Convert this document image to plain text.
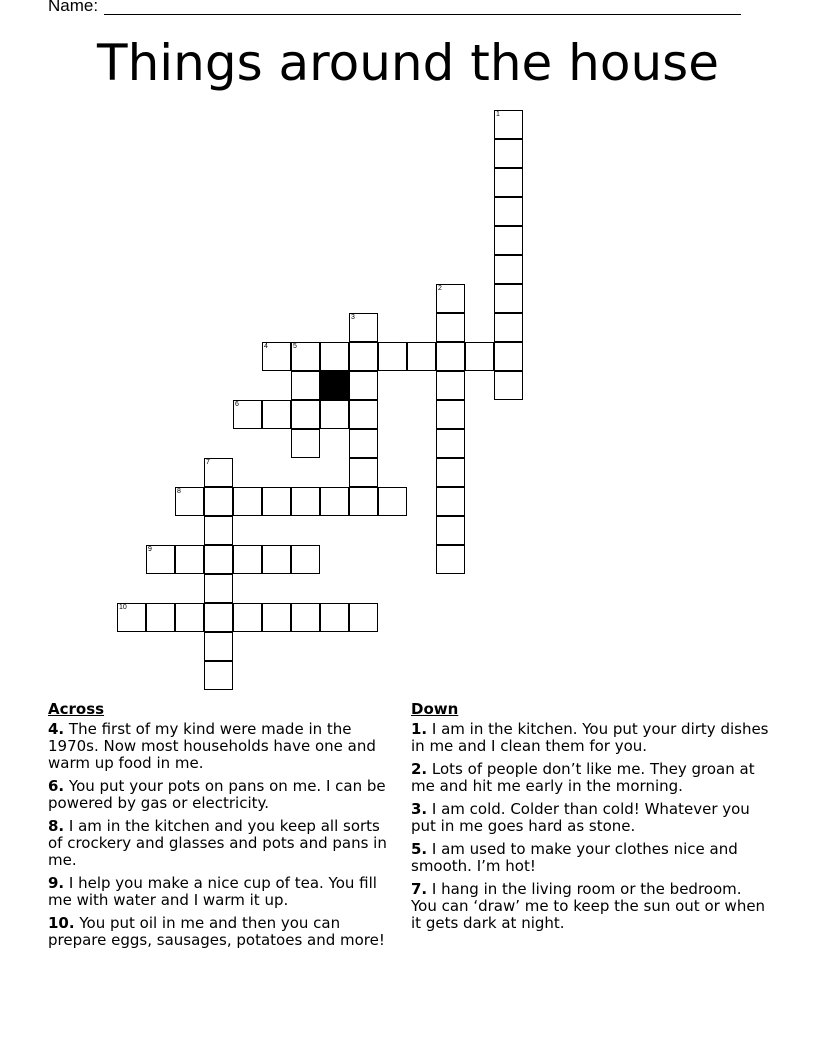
Name:
Things around the house
1
2
3
4	5
6
7
8
9
10
Across
4. The first of my kind were made in the 1970s. Now most households have one and warm up food in me.
6. You put your pots on pans on me. I can be powered by gas or electricity.
8. I am in the kitchen and you keep all sorts of crockery and glasses and pots and pans in me.
9. I help you make a nice cup of tea. You fill me with water and I warm it up.
10. You put oil in me and then you can prepare eggs, sausages, potatoes and more!
Down
1. I am in the kitchen. You put your dirty dishes in me and I clean them for you.
2. Lots of people don’t like me. They groan at me and hit me early in the morning.
3. I am cold. Colder than cold! Whatever you put in me goes hard as stone.
5. I am used to make your clothes nice and smooth. I’m hot!
7. I hang in the living room or the bedroom. You can ‘draw’ me to keep the sun out or when it gets dark at night.
